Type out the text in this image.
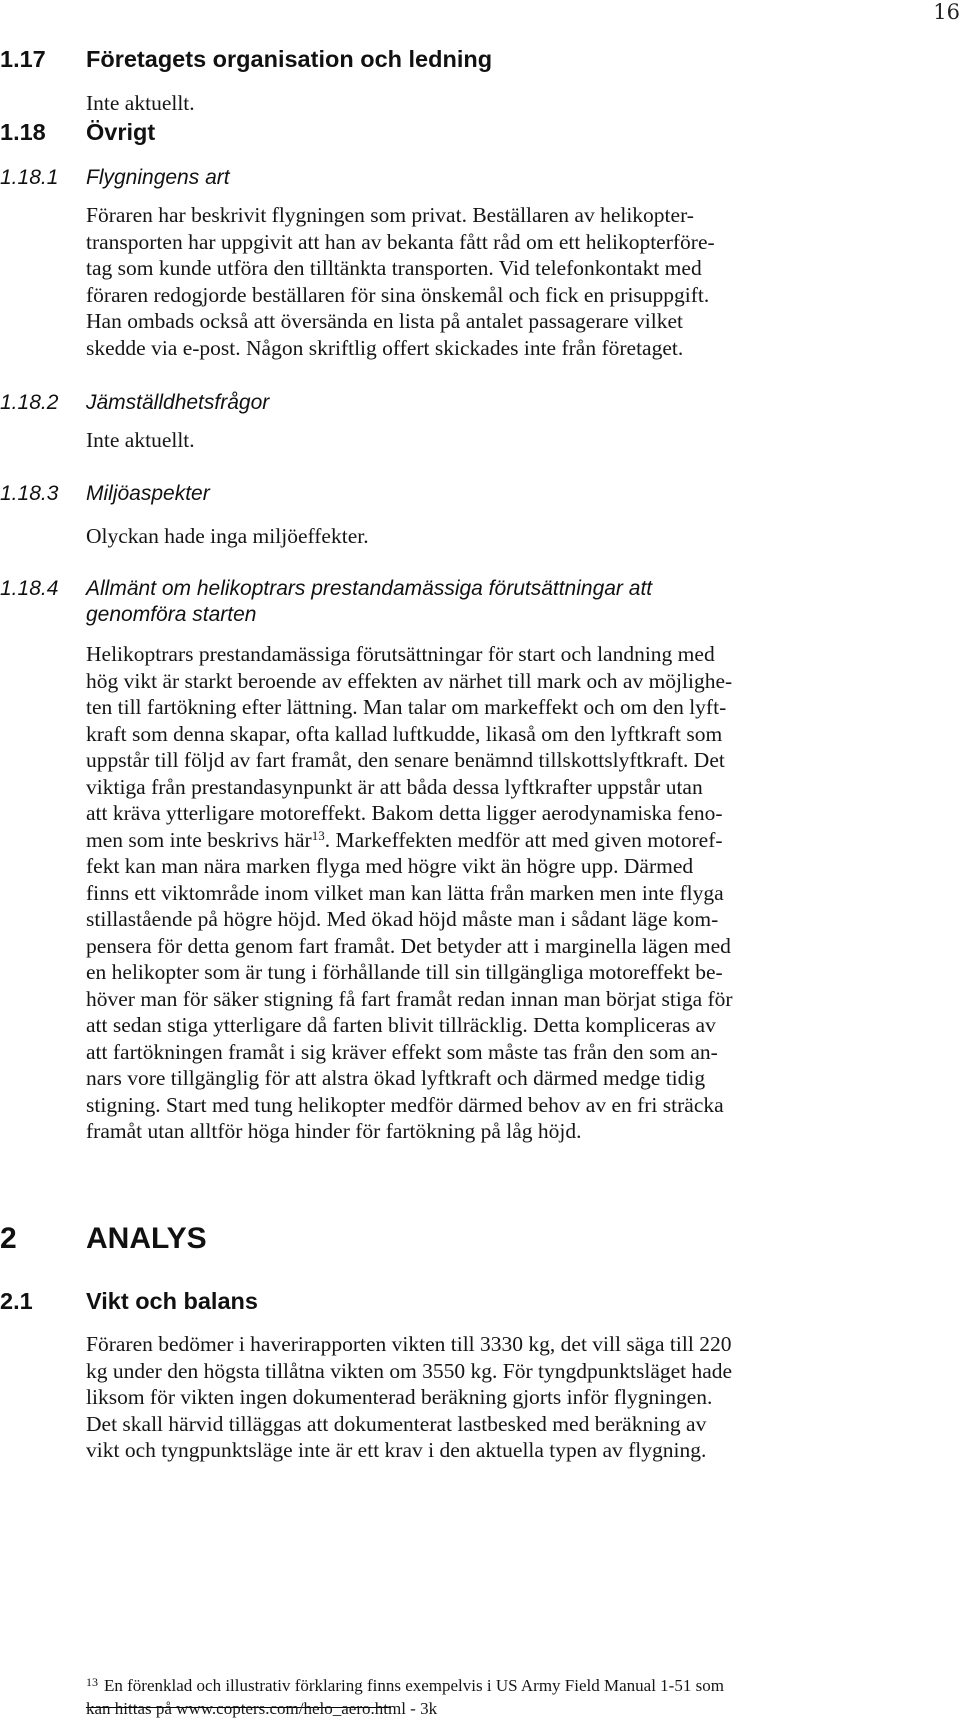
16
1.17 Företagets organisation och ledning

Inte aktuellt.

1.18 Övrigt
1.18.1 Flygningens art

Föraren har beskrivit flygningen som privat. Beställaren av helikopter-
transporten har uppgivit att han av bekanta fått råd om ett helikopterföre-
tag som kunde utföra den tilltänkta transporten. Vid telefonkontakt med
föraren redogjorde beställaren för sina önskemål och fick en prisuppgift.
Han ombads också att översända en lista på antalet passagerare vilket
skedde via e-post. Någon skriftlig offert skickades inte från företaget.

1.18.2 Jämställdhetsfrågor

Inte aktuellt.

1.18.3 Miljöaspekter

Olyckan hade inga miljöeffekter.

1.18.4 Allmänt om helikoptrars prestandamässiga förutsättningar att
genomföra starten

Helikoptrars prestandamässiga förutsättningar för start och landning med
hög vikt är starkt beroende av effekten av närhet till mark och av möjlighe-
ten till fartökning efter lättning. Man talar om markeffekt och om den lyft-
kraft som denna skapar, ofta kallad luftkudde, likaså om den lyftkraft som
uppstår till följd av fart framåt, den senare benämnd tillskottslyftkraft. Det
viktiga från prestandasynpunkt är att båda dessa lyftkrafter uppstår utan
att kräva ytterligare motoreffekt. Bakom detta ligger aerodynamiska feno-
men som inte beskrivs här$^{13}$. Markeffekten medför att med given motoref-
fekt kan man nära marken flyga med högre vikt än högre upp. Därmed
finns ett viktområde inom vilket man kan lätta från marken men inte flyga
stillastående på högre höjd. Med ökad höjd måste man i sådant läge kom-
pensera för detta genom fart framåt. Det betyder att i marginella lägen med
en helikopter som är tung i förhållande till sin tillgängliga motoreffekt be-
höver man för säker stigning få fart framåt redan innan man börjat stiga för
att sedan stiga ytterligare då farten blivit tillräcklig. Detta kompliceras av
att fartökningen framåt i sig kräver effekt som måste tas från den som an-
nars vore tillgänglig för att alstra ökad lyftkraft och därmed medge tidig
stigning. Start med tung helikopter medför därmed behov av en fri sträcka
framåt utan alltför höga hinder för fartökning på låg höjd.

2 ANALYS
2.1 Vikt och balans

Föraren bedömer i haverirapporten vikten till 3330 kg, det vill säga till 220
kg under den högsta tillåtna vikten om 3550 kg. För tyngdpunktsläget hade
liksom för vikten ingen dokumenterad beräkning gjorts inför flygningen.
Det skall härvid tilläggas att dokumenterat lastbesked med beräkning av
vikt och tyngpunktsläge inte är ett krav i den aktuella typen av flygning.

$^{13}$ En förenklad och illustrativ förklaring finns exempelvis i US Army Field Manual 1-51 som
kan hittas på www.copters.com/helo_aero.html - 3k
